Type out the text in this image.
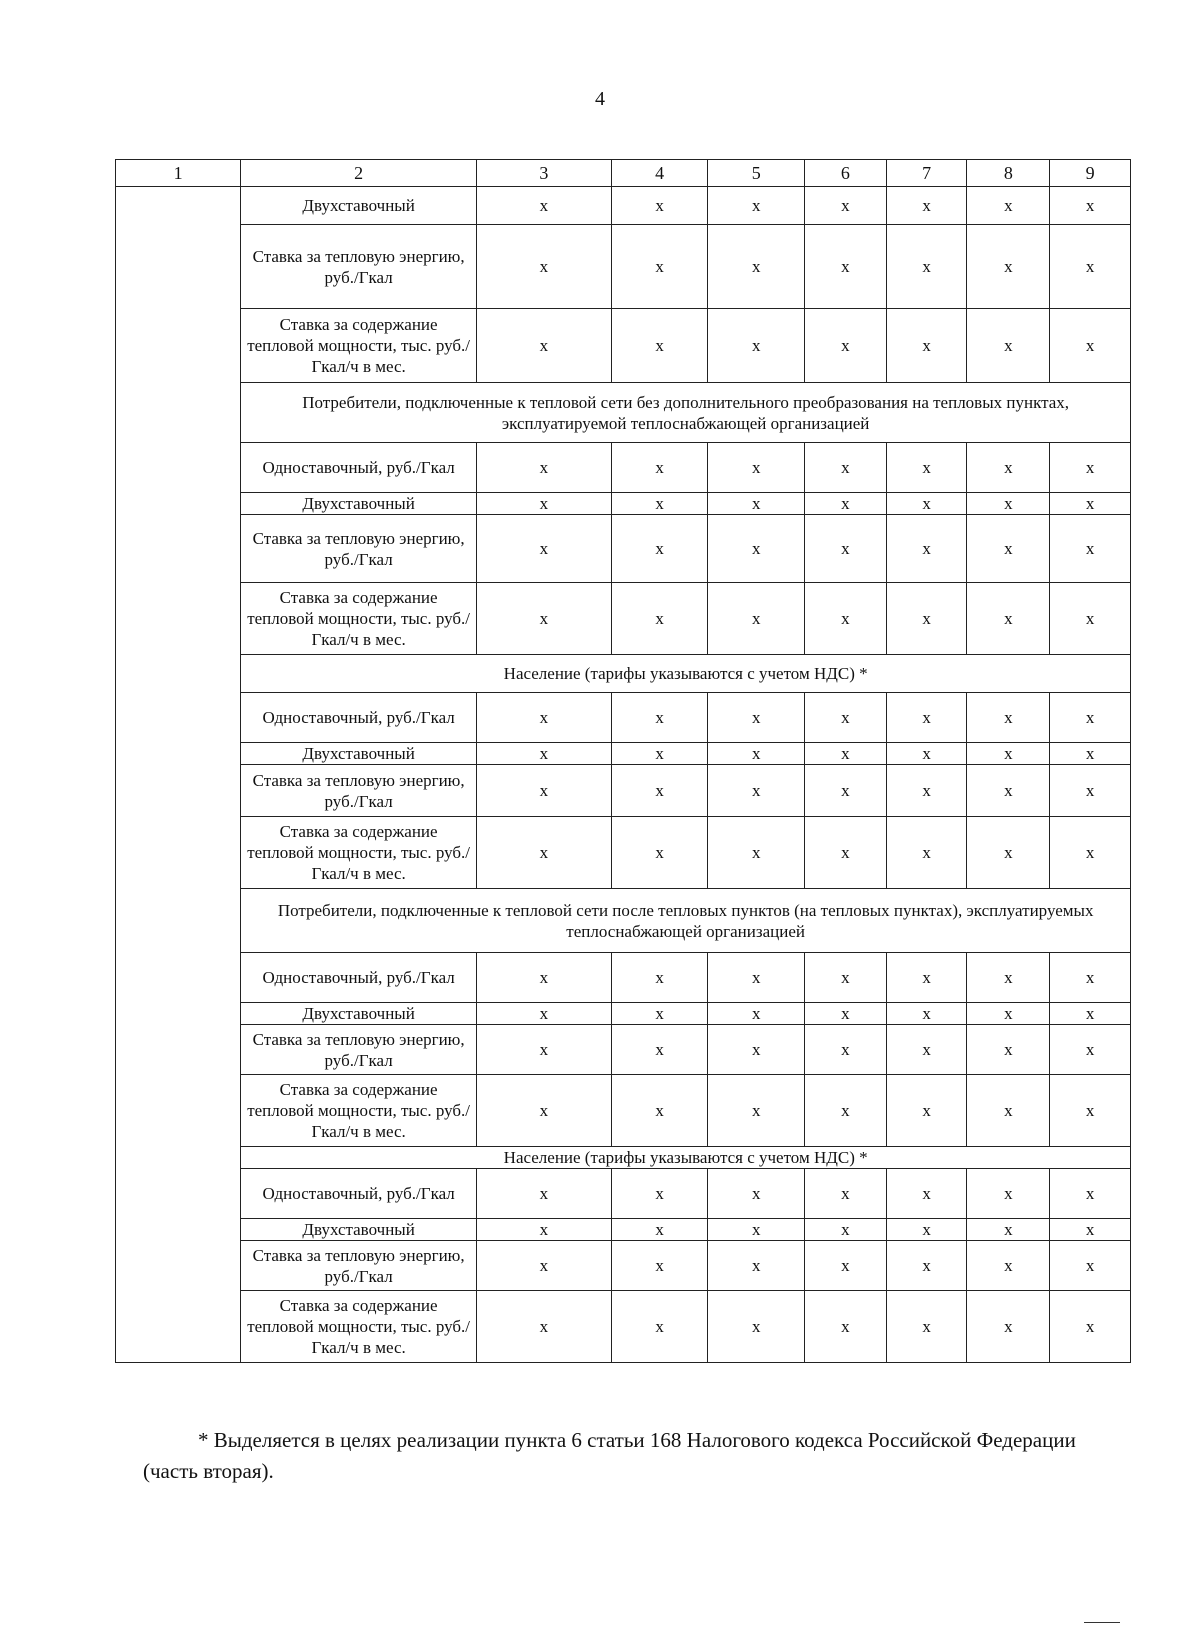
4
1	2	3	4	5	6	7	8	9
	Двухставочный	х	х	х	х	х	х	х
	Ставка за тепловую энергию, руб./Гкал	х	х	х	х	х	х	х
	Ставка за содержание тепловой мощности, тыс. руб./Гкал/ч в мес.	х	х	х	х	х	х	х
	Потребители, подключенные к тепловой сети без дополнительного преобразования на тепловых пунктах, эксплуатируемой теплоснабжающей организацией							
	Одноставочный, руб./Гкал	х	х	х	х	х	х	х
	Двухставочный	х	х	х	х	х	х	х
	Ставка за тепловую энергию, руб./Гкал	х	х	х	х	х	х	х
	Ставка за содержание тепловой мощности, тыс. руб./Гкал/ч в мес.	х	х	х	х	х	х	х
	Население (тарифы указываются с учетом НДС) *							
	Одноставочный, руб./Гкал	х	х	х	х	х	х	х
	Двухставочный	х	х	х	х	х	х	х
	Ставка за тепловую энергию, руб./Гкал	х	х	х	х	х	х	х
	Ставка за содержание тепловой мощности, тыс. руб./Гкал/ч в мес.	х	х	х	х	х	х	х
	Потребители, подключенные к тепловой сети после тепловых пунктов (на тепловых пунктах), эксплуатируемых теплоснабжающей организацией							
	Одноставочный, руб./Гкал	х	х	х	х	х	х	х
	Двухставочный	х	х	х	х	х	х	х
	Ставка за тепловую энергию, руб./Гкал	х	х	х	х	х	х	х
	Ставка за содержание тепловой мощности, тыс. руб./Гкал/ч в мес.	х	х	х	х	х	х	х
	Население (тарифы указываются с учетом НДС) *							
	Одноставочный, руб./Гкал	х	х	х	х	х	х	х
	Двухставочный	х	х	х	х	х	х	х
	Ставка за тепловую энергию, руб./Гкал	х	х	х	х	х	х	х
	Ставка за содержание тепловой мощности, тыс. руб./Гкал/ч в мес.	х	х	х	х	х	х	х
* Выделяется в целях реализации пункта 6 статьи 168 Налогового кодекса Российской Федерации (часть вторая).
